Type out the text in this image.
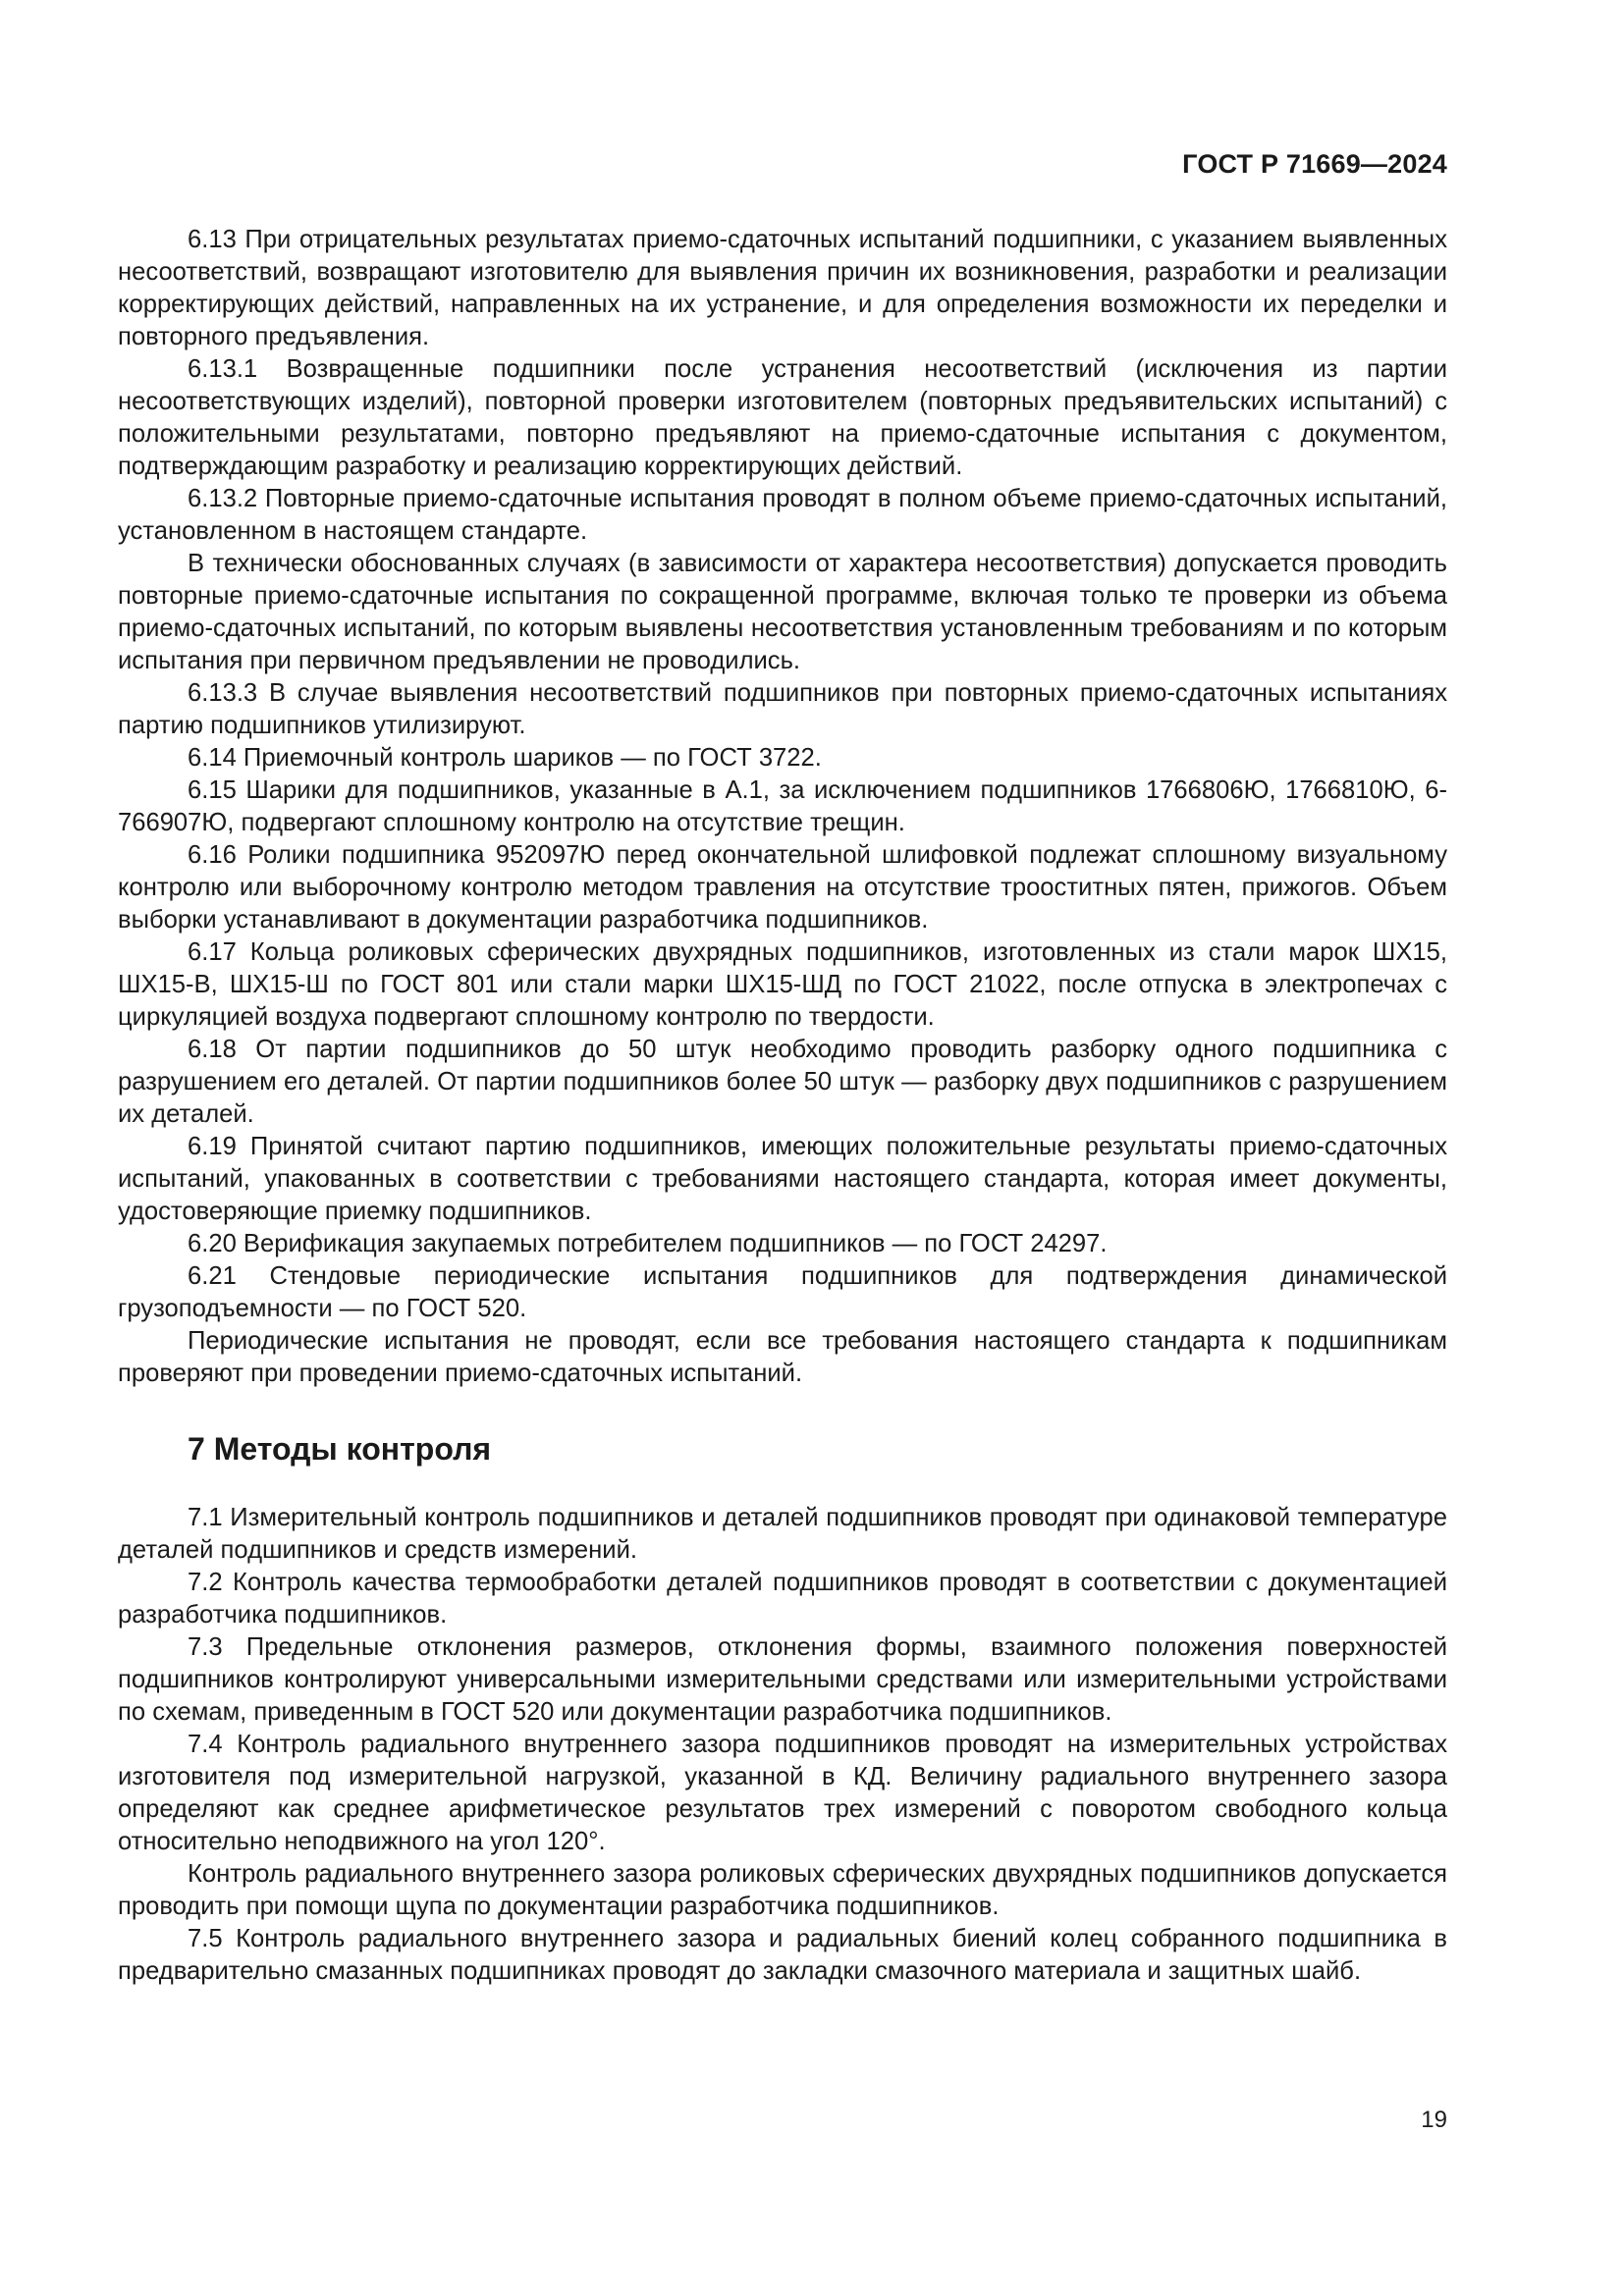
ГОСТ Р 71669—2024

6.13 При отрицательных результатах приемо-сдаточных испытаний подшипники, с указанием выявленных несоответствий, возвращают изготовителю для выявления причин их возникновения, разработки и реализации корректирующих действий, направленных на их устранение, и для определения возможности их переделки и повторного предъявления.

6.13.1 Возвращенные подшипники после устранения несоответствий (исключения из партии несоответствующих изделий), повторной проверки изготовителем (повторных предъявительских испытаний) с положительными результатами, повторно предъявляют на приемо-сдаточные испытания с документом, подтверждающим разработку и реализацию корректирующих действий.

6.13.2 Повторные приемо-сдаточные испытания проводят в полном объеме приемо-сдаточных испытаний, установленном в настоящем стандарте.

В технически обоснованных случаях (в зависимости от характера несоответствия) допускается проводить повторные приемо-сдаточные испытания по сокращенной программе, включая только те проверки из объема приемо-сдаточных испытаний, по которым выявлены несоответствия установленным требованиям и по которым испытания при первичном предъявлении не проводились.

6.13.3 В случае выявления несоответствий подшипников при повторных приемо-сдаточных испытаниях партию подшипников утилизируют.

6.14 Приемочный контроль шариков — по ГОСТ 3722.

6.15 Шарики для подшипников, указанные в А.1, за исключением подшипников 1766806Ю, 1766810Ю, 6-766907Ю, подвергают сплошному контролю на отсутствие трещин.

6.16 Ролики подшипника 952097Ю перед окончательной шлифовкой подлежат сплошному визуальному контролю или выборочному контролю методом травления на отсутствие трооститных пятен, прижогов. Объем выборки устанавливают в документации разработчика подшипников.

6.17 Кольца роликовых сферических двухрядных подшипников, изготовленных из стали марок ШХ15, ШХ15-В, ШХ15-Ш по ГОСТ 801 или стали марки ШХ15-ШД по ГОСТ 21022, после отпуска в электропечах с циркуляцией воздуха подвергают сплошному контролю по твердости.

6.18 От партии подшипников до 50 штук необходимо проводить разборку одного подшипника с разрушением его деталей. От партии подшипников более 50 штук — разборку двух подшипников с разрушением их деталей.

6.19 Принятой считают партию подшипников, имеющих положительные результаты приемо-сдаточных испытаний, упакованных в соответствии с требованиями настоящего стандарта, которая имеет документы, удостоверяющие приемку подшипников.

6.20 Верификация закупаемых потребителем подшипников — по ГОСТ 24297.

6.21 Стендовые периодические испытания подшипников для подтверждения динамической грузоподъемности — по ГОСТ 520.

Периодические испытания не проводят, если все требования настоящего стандарта к подшипникам проверяют при проведении приемо-сдаточных испытаний.

7 Методы контроля

7.1 Измерительный контроль подшипников и деталей подшипников проводят при одинаковой температуре деталей подшипников и средств измерений.

7.2 Контроль качества термообработки деталей подшипников проводят в соответствии с документацией разработчика подшипников.

7.3 Предельные отклонения размеров, отклонения формы, взаимного положения поверхностей подшипников контролируют универсальными измерительными средствами или измерительными устройствами по схемам, приведенным в ГОСТ 520 или документации разработчика подшипников.

7.4 Контроль радиального внутреннего зазора подшипников проводят на измерительных устройствах изготовителя под измерительной нагрузкой, указанной в КД. Величину радиального внутреннего зазора определяют как среднее арифметическое результатов трех измерений с поворотом свободного кольца относительно неподвижного на угол 120°.

Контроль радиального внутреннего зазора роликовых сферических двухрядных подшипников допускается проводить при помощи щупа по документации разработчика подшипников.

7.5 Контроль радиального внутреннего зазора и радиальных биений колец собранного подшипника в предварительно смазанных подшипниках проводят до закладки смазочного материала и защитных шайб.

19
